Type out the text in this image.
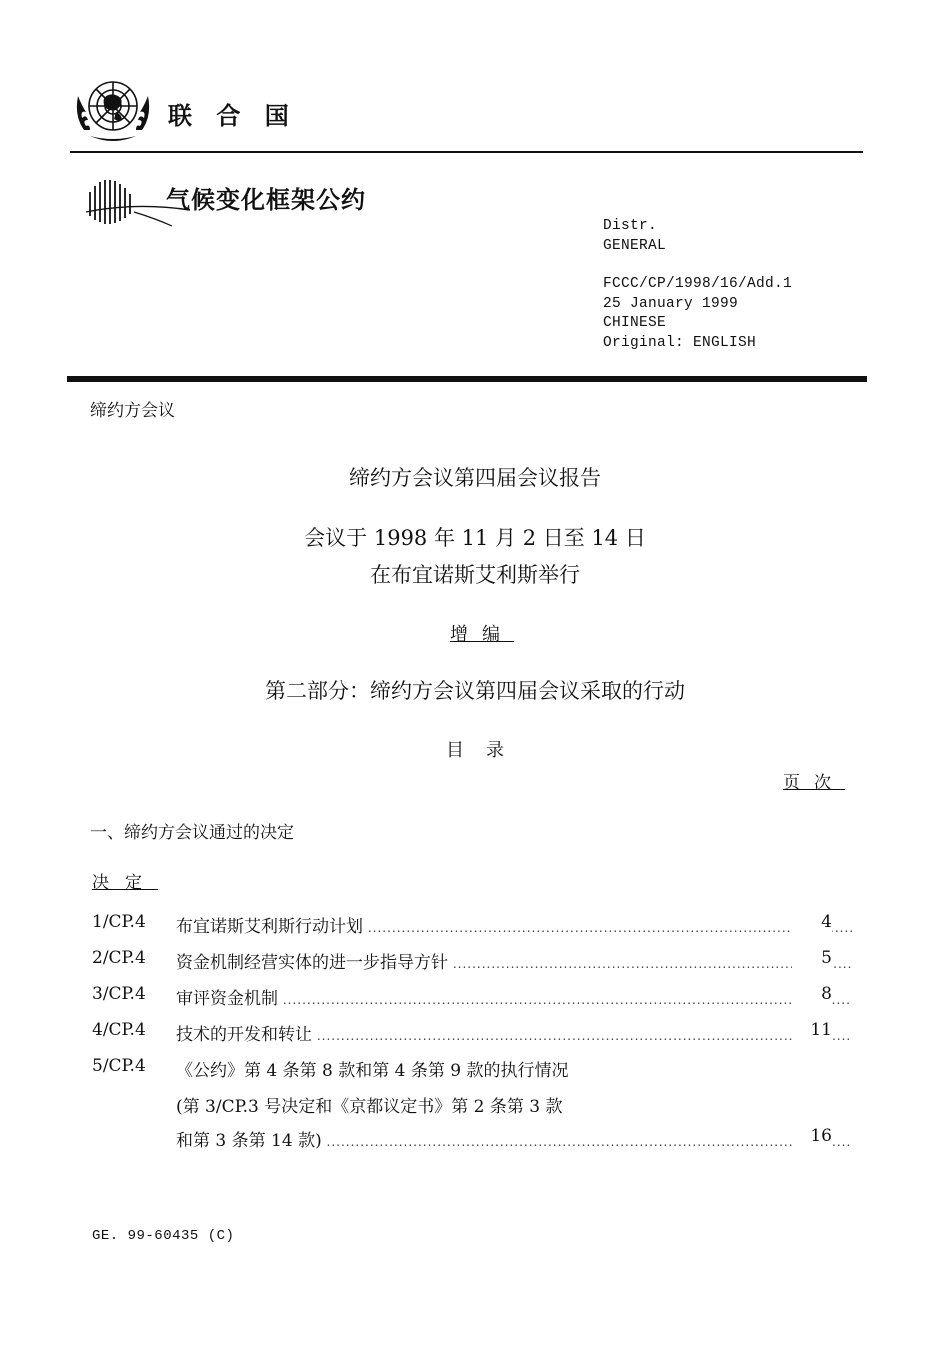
联 合 国
气候变化框架公约
Distr.
GENERAL
FCCC/CP/1998/16/Add.1
25 January 1999
CHINESE
Original: ENGLISH
缔约方会议
缔约方会议第四届会议报告
会议于 1998 年 11 月 2 日至 14 日
在布宜诺斯艾利斯举行
增编
第二部分：缔约方会议第四届会议采取的行动
目录
页次
一、缔约方会议通过的决定
决定
1/CP.4 布宜诺斯艾利斯行动计划 .....	4
2/CP.4 资金机制经营实体的进一步指导方针 .....	5
3/CP.4 审评资金机制 .....	8
4/CP.4 技术的开发和转让 .....	11
5/CP.4 《公约》第 4 条第 8 款和第 4 条第 9 款的执行情况
(第 3/CP.3 号决定和《京都议定书》第 2 条第 3 款
和第 3 条第 14 款) .....	16
GE. 99-60435 (C)
